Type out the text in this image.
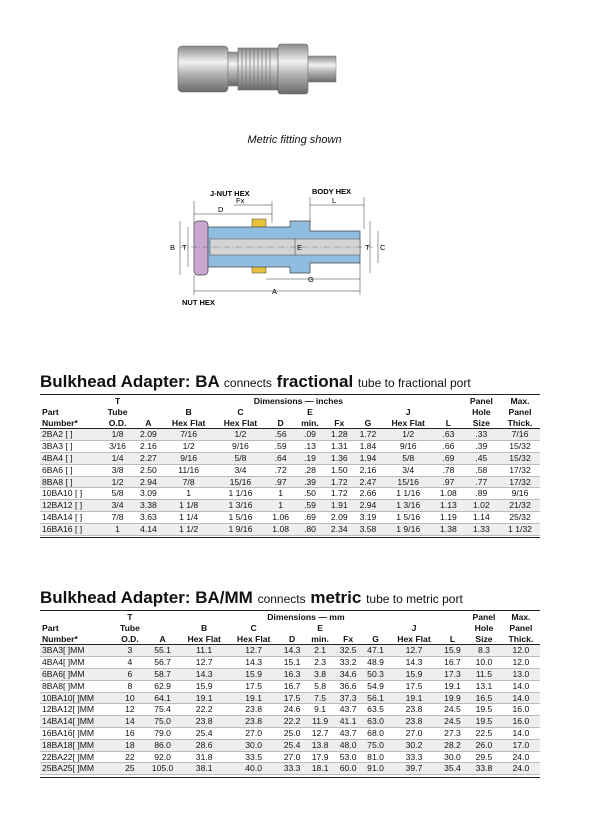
Metric fitting shown
J-NUT HEX
Fx
BODY HEX
D
L
B T	C
T
E
G
A
NUT HEX
Bulkhead Adapter: BA connects fractional tube to fractional port
	T	Dimensions — inches									Panel	Max.
Part	Tube		B	C		E			J		Hole	Panel
Number*	O.D.	A	Hex Flat	Hex Flat	D	min.	Fx	G	Hex Flat	L	Size	Thick.
2BA2 [ ]	1/8	2.09	7/16	1/2	.56	.09	1.28	1.72	1/2	.63	.33	7/16
3BA3 [ ]	3/16	2.16	1/2	9/16	.59	.13	1.31	1.84	9/16	.66	.39	15/32
4BA4 [ ]	1/4	2.27	9/16	5/8	.64	.19	1.36	1.94	5/8	.69	.45	15/32
6BA6 [ ]	3/8	2.50	11/16	3/4	.72	.28	1.50	2.16	3/4	.78	.58	17/32
8BA8 [ ]	1/2	2.94	7/8	15/16	.97	.39	1.72	2.47	15/16	.97	.77	17/32
10BA10 [ ]	5/8	3.09	1	1 1/16	1	.50	1.72	2.66	1 1/16	1.08	.89	9/16
12BA12 [ ]	3/4	3.38	1 1/8	1 3/16	1	.59	1.91	2.94	1 3/16	1.13	1.02	21/32
14BA14 [ ]	7/8	3.63	1 1/4	1 5/16	1.06	.69	2.09	3.19	1 5/16	1.19	1.14	25/32
16BA16 [ ]	1	4.14	1 1/2	1 9/16	1.08	.80	2.34	3.58	1 9/16	1.38	1.33	1 1/32
Bulkhead Adapter: BA/MM connects metric tube to metric port
	T	Dimensions — mm									Panel	Max.
Part	Tube		B	C		E			J		Hole	Panel
Number*	O.D.	A	Hex Flat	Hex Flat	D	min.	Fx	G	Hex Flat	L	Size	Thick.
3BA3[ ]MM	3	55.1	11.1	12.7	14.3	2.1	32.5	47.1	12.7	15.9	8.3	12.0
4BA4[ ]MM	4	56.7	12.7	14.3	15.1	2.3	33.2	48.9	14.3	16.7	10.0	12.0
6BA6[ ]MM	6	58.7	14.3	15.9	16.3	3.8	34.6	50.3	15.9	17.3	11.5	13.0
8BA8[ ]MM	8	62.9	15.9	17.5	16.7	5.8	36.6	54.9	17.5	19.1	13.1	14.0
10BA10[ ]MM	10	64.1	19.1	19.1	17.5	7.5	37.3	56.1	19.1	19.9	16.5	14.0
12BA12[ ]MM	12	75.4	22.2	23.8	24.6	9.1	43.7	63.5	23.8	24.5	19.5	16.0
14BA14[ ]MM	14	75.0	23.8	23.8	22.2	11.9	41.1	63.0	23.8	24.5	19.5	16.0
16BA16[ ]MM	16	79.0	25.4	27.0	25.0	12.7	43.7	68.0	27.0	27.3	22.5	14.0
18BA18[ ]MM	18	86.0	28.6	30.0	25.4	13.8	48.0	75.0	30.2	28.2	26.0	17.0
22BA22[ ]MM	22	92.0	31.8	33.5	27.0	17.9	53.0	81.0	33.3	30.0	29.5	24.0
25BA25[ ]MM	25	105.0	38.1	40.0	33.3	18.1	60.0	91.0	39.7	35.4	33.8	24.0
